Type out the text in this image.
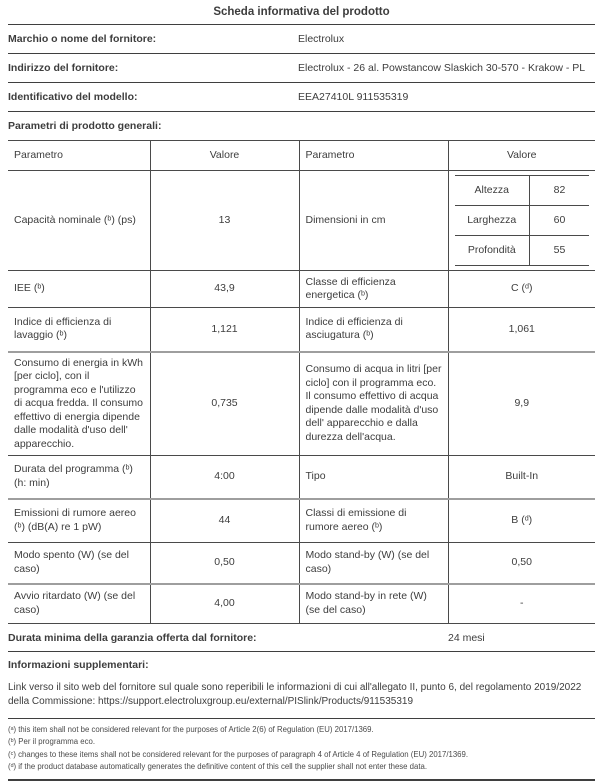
Scheda informativa del prodotto
Marchio o nome del fornitore:	Electrolux
Indirizzo del fornitore:	Electrolux - 26 al. Powstancow Slaskich 30-570 - Krakow - PL
Identificativo del modello:	EEA27410L 911535319
Parametri di prodotto generali:
Parametro	Valore	Parametro	Valore
Capacità nominale (ᵇ) (ps)	13	Dimensioni in cm	
Altezza	82
Larghezza	60
Profondità	55

IEE (ᵇ)	43,9	Classe di efficienza energetica (ᵇ)	C (ᵈ)
Indice di efficienza di lavaggio (ᵇ)	1,121	Indice di efficienza di asciugatura (ᵇ)	1,061
Consumo di energia in kWh [per ciclo], con il programma eco e l'utilizzo di acqua fredda. Il consumo effettivo di energia dipende dalle modalità d'uso dell' apparecchio.	0,735	Consumo di acqua in litri [per ciclo] con il programma eco. Il consumo effettivo di acqua dipende dalle modalità d'uso dell' apparecchio e dalla durezza dell'acqua.	9,9
Durata del programma (ᵇ) (h: min)	4:00	Tipo	Built-In
Emissioni di rumore aereo (ᵇ) (dB(A) re 1 pW)	44	Classi di emissione di rumore aereo (ᵇ)	B (ᵈ)
Modo spento (W) (se del caso)	0,50	Modo stand-by (W) (se del caso)	0,50
Avvio ritardato (W) (se del caso)	4,00	Modo stand-by in rete (W) (se del caso)	-
Durata minima della garanzia offerta dal fornitore:	24 mesi
Informazioni supplementari:
Link verso il sito web del fornitore sul quale sono reperibili le informazioni di cui all'allegato II, punto 6, del regolamento 2019/2022 della Commissione: https://support.electroluxgroup.eu/external/PISlink/Products/911535319
(ᵃ) this item shall not be considered relevant for the purposes of Article 2(6) of Regulation (EU) 2017/1369.
(ᵇ) Per il programma eco.
(ᶜ) changes to these items shall not be considered relevant for the purposes of paragraph 4 of Article 4 of Regulation (EU) 2017/1369.
(ᵈ) if the product database automatically generates the definitive content of this cell the supplier shall not enter these data.
